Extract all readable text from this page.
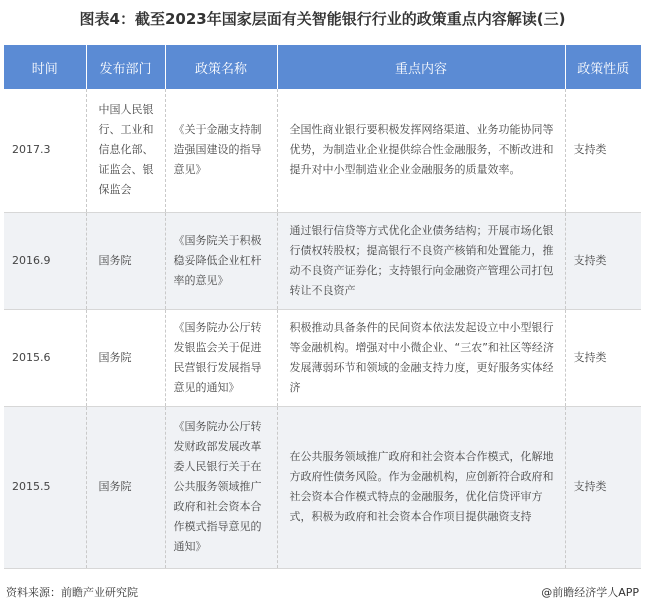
图表4：截至2023年国家层面有关智能银行行业的政策重点内容解读(三)
时间	发布部门	政策名称	重点内容	政策性质
2017.3	中国人民银行、工业和信息化部、证监会、银保监会	《关于金融支持制造强国建设的指导意见》	全国性商业银行要积极发挥网络渠道、业务功能协同等优势，为制造业企业提供综合性金融服务，不断改进和提升对中小型制造业企业金融服务的质量效率。	支持类
2016.9	国务院	《国务院关于积极稳妥降低企业杠杆率的意见》	通过银行信贷等方式优化企业债务结构；开展市场化银行债权转股权；提高银行不良资产核销和处置能力，推动不良资产证券化；支持银行向金融资产管理公司打包转让不良资产	支持类
2015.6	国务院	《国务院办公厅转发银监会关于促进民营银行发展指导意见的通知》	积极推动具备条件的民间资本依法发起设立中小型银行等金融机构。增强对中小微企业、“三农”和社区等经济发展薄弱环节和领域的金融支持力度，更好服务实体经济	支持类
2015.5	国务院	《国务院办公厅转发财政部发展改革委人民银行关于在公共服务领域推广政府和社会资本合作模式指导意见的通知》	在公共服务领域推广政府和社会资本合作模式，化解地方政府性债务风险。作为金融机构，应创新符合政府和社会资本合作模式特点的金融服务，优化信贷评审方式，积极为政府和社会资本合作项目提供融资支持	支持类
资料来源：前瞻产业研究院	@前瞻经济学人APP
